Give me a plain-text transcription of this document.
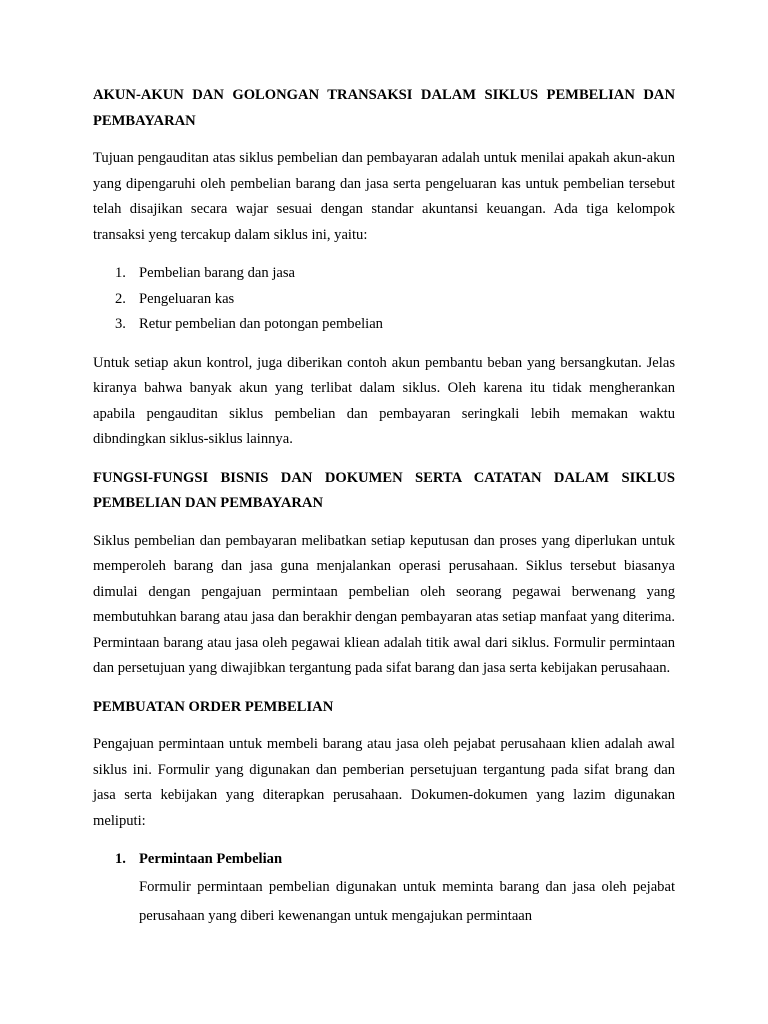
AKUN-AKUN DAN GOLONGAN TRANSAKSI DALAM SIKLUS PEMBELIAN DAN PEMBAYARAN

Tujuan pengauditan atas siklus pembelian dan pembayaran adalah untuk menilai apakah akun-akun yang dipengaruhi oleh pembelian barang dan jasa serta pengeluaran kas untuk pembelian tersebut telah disajikan secara wajar sesuai dengan standar akuntansi keuangan. Ada tiga kelompok transaksi yeng tercakup dalam siklus ini, yaitu:

1. Pembelian barang dan jasa
2. Pengeluaran kas
3. Retur pembelian dan potongan pembelian

Untuk setiap akun kontrol, juga diberikan contoh akun pembantu beban yang bersangkutan. Jelas kiranya bahwa banyak akun yang terlibat dalam siklus. Oleh karena itu tidak mengherankan apabila pengauditan siklus pembelian dan pembayaran seringkali lebih memakan waktu dibndingkan siklus-siklus lainnya.

FUNGSI-FUNGSI BISNIS DAN DOKUMEN SERTA CATATAN DALAM SIKLUS PEMBELIAN DAN PEMBAYARAN

Siklus pembelian dan pembayaran melibatkan setiap keputusan dan proses yang diperlukan untuk memperoleh barang dan jasa guna menjalankan operasi perusahaan. Siklus tersebut biasanya dimulai dengan pengajuan permintaan pembelian oleh seorang pegawai berwenang yang membutuhkan barang atau jasa dan berakhir dengan pembayaran atas setiap manfaat yang diterima. Permintaan barang atau jasa oleh pegawai kliean adalah titik awal dari siklus. Formulir permintaan dan persetujuan yang diwajibkan tergantung pada sifat barang dan jasa serta kebijakan perusahaan.

PEMBUATAN ORDER PEMBELIAN

Pengajuan permintaan untuk membeli barang atau jasa oleh pejabat perusahaan klien adalah awal siklus ini. Formulir yang digunakan dan pemberian persetujuan tergantung pada sifat brang dan jasa serta kebijakan yang diterapkan perusahaan. Dokumen-dokumen yang lazim digunakan meliputi:

1. Permintaan Pembelian
Formulir permintaan pembelian digunakan untuk meminta barang dan jasa oleh pejabat perusahaan yang diberi kewenangan untuk mengajukan permintaan
